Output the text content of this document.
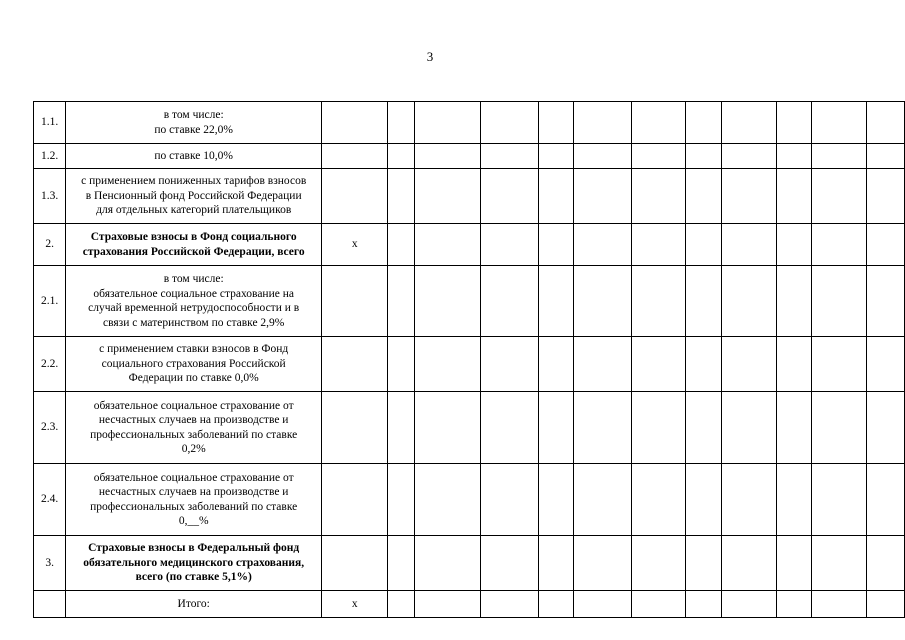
3
1.1.	в том числе:
по ставке 22,0%												
1.2.	по ставке 10,0%												
1.3.	с применением пониженных тарифов взносов
в Пенсионный фонд Российской Федерации
для отдельных категорий плательщиков												
2.	Страховые взносы в Фонд социального
страхования Российской Федерации, всего	x											
2.1.	в том числе:
обязательное социальное страхование на
случай временной нетрудоспособности и в
связи с материнством по ставке 2,9%												
2.2.	с применением ставки взносов в Фонд
социального страхования Российской
Федерации по ставке 0,0%												
2.3.	обязательное социальное страхование от
несчастных случаев на производстве и
профессиональных заболеваний по ставке
0,2%												
2.4.	обязательное социальное страхование от
несчастных случаев на производстве и
профессиональных заболеваний по ставке
0,__%												
3.	Страховые взносы в Федеральный фонд
обязательного медицинского страхования,
всего (по ставке 5,1%)												
	Итого:	x											
